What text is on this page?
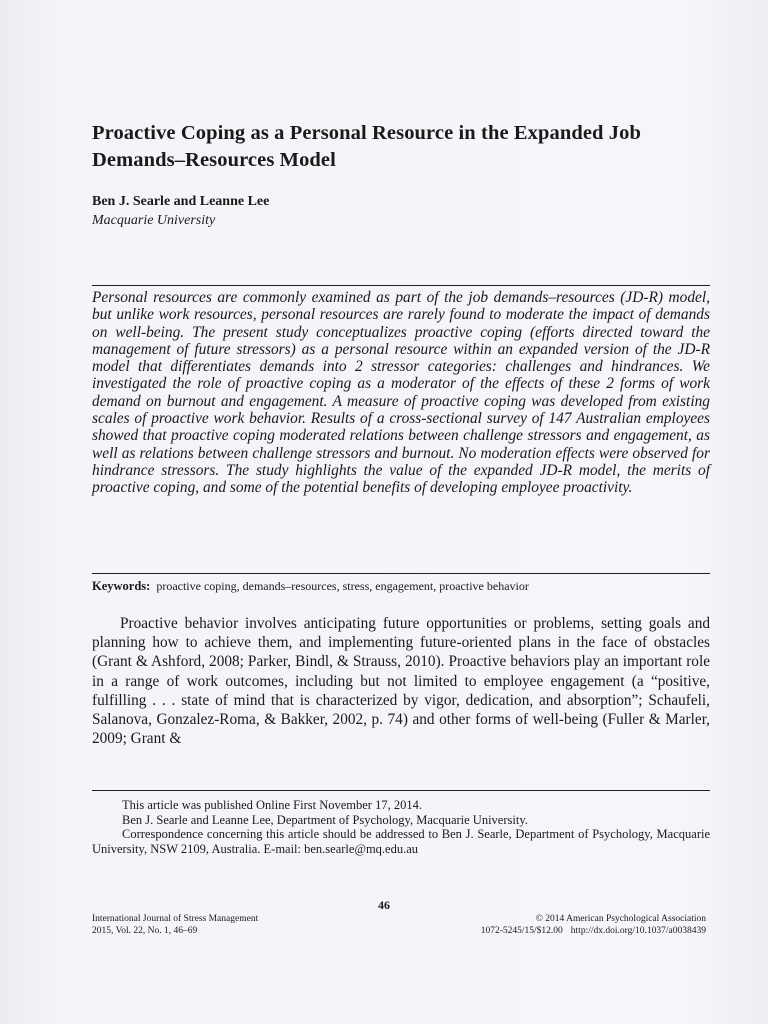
Proactive Coping as a Personal Resource in the Expanded Job Demands–Resources Model
Ben J. Searle and Leanne Lee
Macquarie University

Personal resources are commonly examined as part of the job demands–resources (JD-R) model, but unlike work resources, personal resources are rarely found to moderate the impact of demands on well-being. The present study conceptualizes proactive coping (efforts directed toward the management of future stressors) as a personal resource within an expanded version of the JD-R model that differentiates demands into 2 stressor categories: challenges and hindrances. We investigated the role of proactive coping as a moderator of the effects of these 2 forms of work demand on burnout and engagement. A measure of proactive coping was developed from existing scales of proactive work behavior. Results of a cross-sectional survey of 147 Australian employees showed that proactive coping moderated relations between challenge stressors and engagement, as well as relations between challenge stressors and burnout. No moderation effects were observed for hindrance stressors. The study highlights the value of the expanded JD-R model, the merits of proactive coping, and some of the potential benefits of developing employee proactivity.

Keywords: proactive coping, demands–resources, stress, engagement, proactive behavior

Proactive behavior involves anticipating future opportunities or problems, setting goals and planning how to achieve them, and implementing future-oriented plans in the face of obstacles (Grant & Ashford, 2008; Parker, Bindl, & Strauss, 2010). Proactive behaviors play an important role in a range of work outcomes, including but not limited to employee engagement (a “positive, fulfilling . . . state of mind that is characterized by vigor, dedication, and absorption”; Schaufeli, Salanova, Gonzalez-Roma, & Bakker, 2002, p. 74) and other forms of well-being (Fuller & Marler, 2009; Grant &

This article was published Online First November 17, 2014.

Ben J. Searle and Leanne Lee, Department of Psychology, Macquarie University.

Correspondence concerning this article should be addressed to Ben J. Searle, Department of Psychology, Macquarie University, NSW 2109, Australia. E-mail: ben.searle@mq.edu.au

46
International Journal of Stress Management
2015, Vol. 22, No. 1, 46–69
© 2014 American Psychological Association
1072-5245/15/$12.00 http://dx.doi.org/10.1037/a0038439
